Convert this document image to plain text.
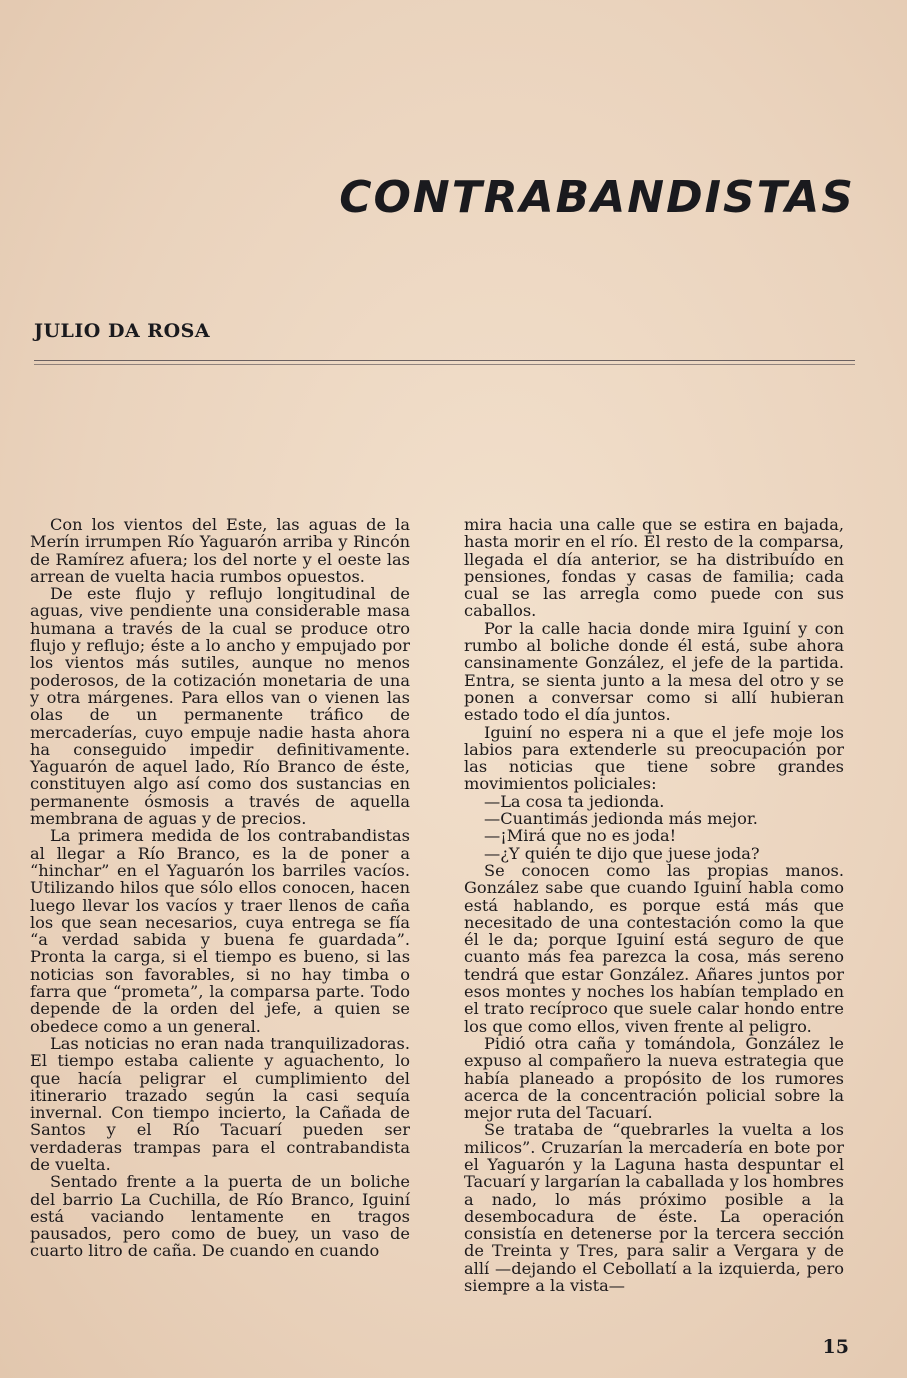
CONTRABANDISTAS
JULIO DA ROSA

Con los vientos del Este, las aguas de la Merín irrumpen Río Yaguarón arriba y Rincón de Ramírez afuera; los del norte y el oeste las arrean de vuelta hacia rumbos opuestos.

De este flujo y reflujo longitudinal de aguas, vive pendiente una considerable masa humana a través de la cual se produce otro flujo y reflujo; éste a lo ancho y empujado por los vientos más sutiles, aunque no menos poderosos, de la cotización monetaria de una y otra márgenes. Para ellos van o vienen las olas de un permanente tráfico de mercaderías, cuyo empuje nadie hasta ahora ha conseguido impedir definitivamente. Yaguarón de aquel lado, Río Branco de éste, constituyen algo así como dos sustancias en permanente ósmosis a través de aquella membrana de aguas y de precios.

La primera medida de los contrabandistas al llegar a Río Branco, es la de poner a “hinchar” en el Yaguarón los barriles vacíos. Utilizando hilos que sólo ellos conocen, hacen luego llevar los vacíos y traer llenos de caña los que sean necesarios, cuya entrega se fía “a verdad sabida y buena fe guardada”. Pronta la carga, si el tiempo es bueno, si las noticias son favorables, si no hay timba o farra que “prometa”, la comparsa parte. Todo depende de la orden del jefe, a quien se obedece como a un general.

Las noticias no eran nada tranquilizadoras. El tiempo estaba caliente y aguachento, lo que hacía peligrar el cumplimiento del itinerario trazado según la casi sequía invernal. Con tiempo incierto, la Cañada de Santos y el Río Tacuarí pueden ser verdaderas trampas para el contrabandista de vuelta.

Sentado frente a la puerta de un boliche del barrio La Cuchilla, de Río Branco, Iguiní está vaciando lentamente en tragos pausados, pero como de buey, un vaso de cuarto litro de caña. De cuando en cuando

mira hacia una calle que se estira en bajada, hasta morir en el río. El resto de la comparsa, llegada el día anterior, se ha distribuído en pensiones, fondas y casas de familia; cada cual se las arregla como puede con sus caballos.

Por la calle hacia donde mira Iguiní y con rumbo al boliche donde él está, sube ahora cansinamente González, el jefe de la partida. Entra, se sienta junto a la mesa del otro y se ponen a conversar como si allí hubieran estado todo el día juntos.

Iguiní no espera ni a que el jefe moje los labios para extenderle su preocupación por las noticias que tiene sobre grandes movimientos policiales:

—La cosa ta jedionda.

—Cuantimás jedionda más mejor.

—¡Mirá que no es joda!

—¿Y quién te dijo que juese joda?

Se conocen como las propias manos. González sabe que cuando Iguiní habla como está hablando, es porque está más que necesitado de una contestación como la que él le da; porque Iguiní está seguro de que cuanto más fea parezca la cosa, más sereno tendrá que estar González. Añares juntos por esos montes y noches los habían templado en el trato recíproco que suele calar hondo entre los que como ellos, viven frente al peligro.

Pidió otra caña y tomándola, González le expuso al compañero la nueva estrategia que había planeado a propósito de los rumores acerca de la concentración policial sobre la mejor ruta del Tacuarí.

Se trataba de “quebrarles la vuelta a los milicos”. Cruzarían la mercadería en bote por el Yaguarón y la Laguna hasta despuntar el Tacuarí y largarían la caballada y los hombres a nado, lo más próximo posible a la desembocadura de éste. La operación consistía en detenerse por la tercera sección de Treinta y Tres, para salir a Vergara y de allí —dejando el Cebollatí a la izquierda, pero siempre a la vista—

15
